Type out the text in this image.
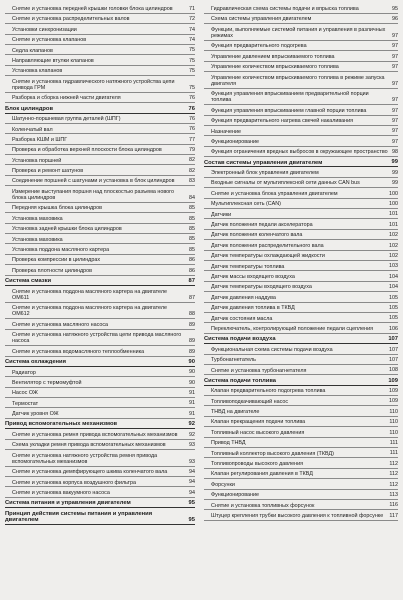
Снятие и установка передней крышки головки блока цилиндров	71
Снятие и установка распределительных валов	72
Установки синхронизации	74
Снятие и установка клапанов	74
Седла клапанов	75
Направляющие втулки клапанов	75
Установка клапанов	75
Снятие и установка гидравлического натяжного устройства цепи привода ГРМ	75
Разборка и сборка нижней части двигателя	76
Блок цилиндров	76
Шатунно-поршневая группа деталей (ШПГ)	76
Коленчатый вал	76
Разборка КШМ и ШПГ	77
Проверка и обработка верхней плоскости блока цилиндров	79
Установка поршней	82
Проверка и ремонт шатунов	82
Соединение поршней с шатунами и установка в блок цилиндров	83
Измерение выступания поршня над плоскостью разъема нового блока цилиндров	84
Передняя крышка блока цилиндров	85
Установка маховика	85
Установка задней крышки блока цилиндров	85
Установка маховика	85
Установка поддона масляного картера	85
Проверка компрессии в цилиндрах	86
Проверка плотности цилиндров	86
Система смазки	87
Снятие и установка поддона масляного картера на двигателе ОМ611	87
Снятие и установка поддона масляного картера на двигателе ОМ612	88
Снятие и установка масляного насоса	89
Снятие и установка натяжного устройства цепи привода масляного насоса	89
Снятие и установка водомасляного теплообменника	89
Система охлаждения	90
Радиатор	90
Вентилятор с термомуфтой	90
Насос ОЖ	91
Термостат	91
Датчик уровня ОЖ	91
Привод вспомогательных механизмов	92
Снятие и установка ремня привода вспомогательных механизмов	92
Схема укладки ремня привода вспомогательных механизмов	93
Снятие и установка натяжного устройства ремня привода вспомогательных механизмов	93
Снятие и установка демпфирующего шкива коленчатого вала	94
Снятие и установка корпуса воздушного фильтра	94
Снятие и установка вакуумного насоса	94
Система питания и управления двигателем	95
Принцип действия системы питания и управления двигателем	95
Гидравлическая схема системы подачи и впрыска топлива	95
Схема системы управления двигателем	96
Функции, выполняемые системой питания и управления в различных режимах	97
Функция предварительного подогрева	97
Управление давлением впрыскиваемого топлива	97
Управление количеством впрыскиваемого топлива	97
Управление количеством впрыскиваемого топлива в режиме запуска двигателя	97
Функция управления впрыскиванием предварительной порции топлива	97
Функция управления впрыскиванием главной порции топлива	97
Функция предварительного нагрева свечей накаливания	97
Назначение	97
Функционирование	97
Функция ограничения вредных выбросов в окружающее пространство 98
Состав системы управления двигателем	99
Электронный блок управления двигателем	99
Входные сигналы от мультиплексной сети данных CAN bus	99
Снятие и установка блока управления двигателем	100
Мультиплексная сеть (CAN)	100
Датчики	101
Датчик положения педали акселератора	101
Датчик положения коленчатого вала	102
Датчик положения распределительного вала	102
Датчик температуры охлаждающей жидкости	102
Датчик температуры топлива	103
Датчик массы входящего воздуха	104
Датчик температуры входящего воздуха	104
Датчик давления наддува	105
Датчик давления топлива в ТКВД	105
Датчик состояния масла	105
Переключатель, контролирующий положение педали сцепления	106
Система подачи воздуха	107
Функциональная схема системы подачи воздуха	107
Турбонагнетатель	107
Снятие и установка турбонагнетателя	108
Система подачи топлива	109
Клапан предварительного подогрева топлива	109
Топливоподкачивающий насос	109
ТНВД на двигателе	110
Клапан прекращения подачи топлива	110
Топливный насос высокого давления	110
Привод ТНВД	111
Топливный коллектор высокого давления (ТКВД)	111
Топливопроводы высокого давления	112
Клапан регулирования давления в ТКВД	112
Форсунки	112
Функционирование	113
Снятие и установка топливных форсунок	116
Штуцер крепления трубки высокого давления к топливной форсунке	117
